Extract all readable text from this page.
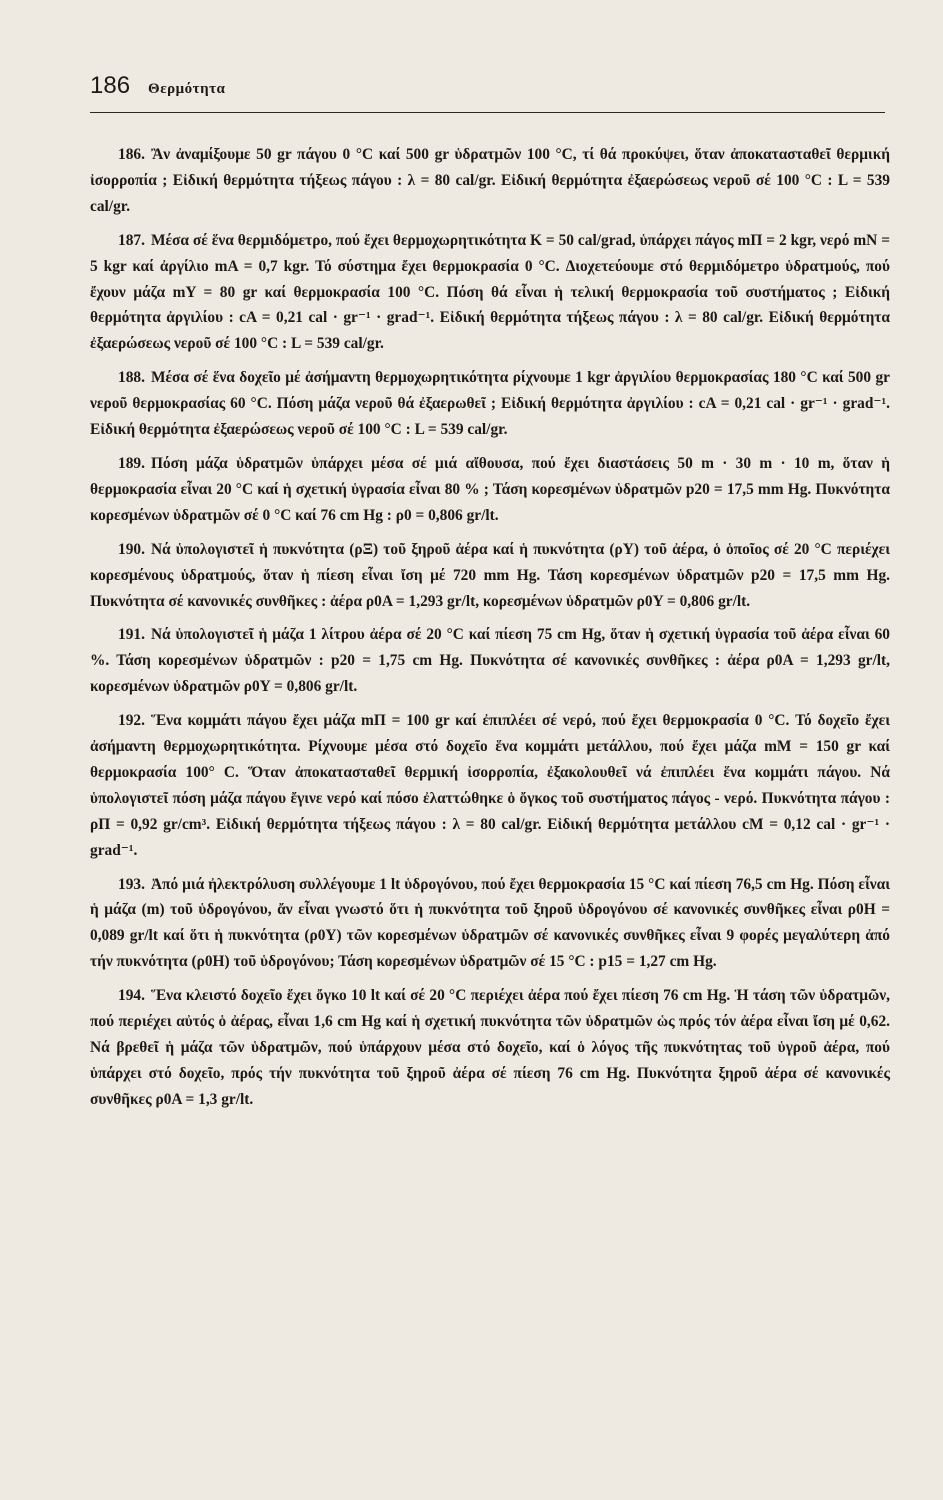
186 Θερμότητα

186. Ἂν ἀναμίξουμε 50 gr πάγου 0 °C καί 500 gr ὑδρατμῶν 100 °C, τί θά προκύψει, ὅταν ἀποκατασταθεῖ θερμική ἰσορροπία ; Εἰδική θερμότητα τήξεως πάγου : λ = 80 cal/gr. Εἰδική θερμότητα ἐξαερώσεως νεροῦ σέ 100 °C : L = 539 cal/gr.

187. Μέσα σέ ἕνα θερμιδόμετρο, πού ἔχει θερμοχωρητικότητα K = 50 cal/grad, ὑπάρχει πάγος mΠ = 2 kgr, νερό mN = 5 kgr καί ἀργίλιο mA = 0,7 kgr. Τό σύστημα ἔχει θερμοκρασία 0 °C. Διοχετεύουμε στό θερμιδόμετρο ὑδρατμούς, πού ἔχουν μάζα mY = 80 gr καί θερμοκρασία 100 °C. Πόση θά εἶναι ἡ τελική θερμοκρασία τοῦ συστήματος ; Εἰδική θερμότητα ἀργιλίου : cA = 0,21 cal · gr⁻¹ · grad⁻¹. Εἰδική θερμότητα τήξεως πάγου : λ = 80 cal/gr. Εἰδική θερμότητα ἐξαερώσεως νεροῦ σέ 100 °C : L = 539 cal/gr.

188. Μέσα σέ ἕνα δοχεῖο μέ ἀσήμαντη θερμοχωρητικότητα ρίχνουμε 1 kgr ἀργιλίου θερμοκρασίας 180 °C καί 500 gr νεροῦ θερμοκρασίας 60 °C. Πόση μάζα νεροῦ θά ἐξαερωθεῖ ; Εἰδική θερμότητα ἀργιλίου : cA = 0,21 cal · gr⁻¹ · grad⁻¹. Εἰδική θερμότητα ἐξαερώσεως νεροῦ σέ 100 °C : L = 539 cal/gr.

189. Πόση μάζα ὑδρατμῶν ὑπάρχει μέσα σέ μιά αἴθουσα, πού ἔχει διαστάσεις 50 m · 30 m · 10 m, ὅταν ἡ θερμοκρασία εἶναι 20 °C καί ἡ σχετική ὑγρασία εἶναι 80 % ; Τάση κορεσμένων ὑδρατμῶν p20 = 17,5 mm Hg. Πυκνότητα κορεσμένων ὑδρατμῶν σέ 0 °C καί 76 cm Hg : ρ0 = 0,806 gr/lt.

190. Νά ὑπολογιστεῖ ἡ πυκνότητα (ρΞ) τοῦ ξηροῦ ἀέρα καί ἡ πυκνότητα (ρY) τοῦ ἀέρα, ὁ ὁποῖος σέ 20 °C περιέχει κορεσμένους ὑδρατμούς, ὅταν ἡ πίεση εἶναι ἴση μέ 720 mm Hg. Τάση κορεσμένων ὑδρατμῶν p20 = 17,5 mm Hg. Πυκνότητα σέ κανονικές συνθῆκες : ἀέρα ρ0A = 1,293 gr/lt, κορεσμένων ὑδρατμῶν ρ0Y = 0,806 gr/lt.

191. Νά ὑπολογιστεῖ ἡ μάζα 1 λίτρου ἀέρα σέ 20 °C καί πίεση 75 cm Hg, ὅταν ἡ σχετική ὑγρασία τοῦ ἀέρα εἶναι 60 %. Τάση κορεσμένων ὑδρατμῶν : p20 = 1,75 cm Hg. Πυκνότητα σέ κανονικές συνθῆκες : ἀέρα ρ0A = 1,293 gr/lt, κορεσμένων ὑδρατμῶν ρ0Y = 0,806 gr/lt.

192. Ἕνα κομμάτι πάγου ἔχει μάζα mΠ = 100 gr καί ἐπιπλέει σέ νερό, πού ἔχει θερμοκρασία 0 °C. Τό δοχεῖο ἔχει ἀσήμαντη θερμοχωρητικότητα. Ρίχνουμε μέσα στό δοχεῖο ἕνα κομμάτι μετάλλου, πού ἔχει μάζα mM = 150 gr καί θερμοκρασία 100° C. Ὅταν ἀποκατασταθεῖ θερμική ἰσορροπία, ἐξακολουθεῖ νά ἐπιπλέει ἕνα κομμάτι πάγου. Νά ὑπολογιστεῖ πόση μάζα πάγου ἔγινε νερό καί πόσο ἐλαττώθηκε ὁ ὄγκος τοῦ συστήματος πάγος - νερό. Πυκνότητα πάγου : ρΠ = 0,92 gr/cm³. Εἰδική θερμότητα τήξεως πάγου : λ = 80 cal/gr. Εἰδική θερμότητα μετάλλου cM = 0,12 cal · gr⁻¹ · grad⁻¹.

193. Ἀπό μιά ἠλεκτρόλυση συλλέγουμε 1 lt ὑδρογόνου, πού ἔχει θερμοκρασία 15 °C καί πίεση 76,5 cm Hg. Πόση εἶναι ἡ μάζα (m) τοῦ ὑδρογόνου, ἄν εἶναι γνωστό ὅτι ἡ πυκνότητα τοῦ ξηροῦ ὑδρογόνου σέ κανονικές συνθῆκες εἶναι ρ0H = 0,089 gr/lt καί ὅτι ἡ πυκνότητα (ρ0Y) τῶν κορεσμένων ὑδρατμῶν σέ κανονικές συνθῆκες εἶναι 9 φορές μεγαλύτερη ἀπό τήν πυκνότητα (ρ0H) τοῦ ὑδρογόνου; Τάση κορεσμένων ὑδρατμῶν σέ 15 °C : p15 = 1,27 cm Hg.

194. Ἕνα κλειστό δοχεῖο ἔχει ὄγκο 10 lt καί σέ 20 °C περιέχει ἀέρα πού ἔχει πίεση 76 cm Hg. Ἡ τάση τῶν ὑδρατμῶν, πού περιέχει αὐτός ὁ ἀέρας, εἶναι 1,6 cm Hg καί ἡ σχετική πυκνότητα τῶν ὑδρατμῶν ὡς πρός τόν ἀέρα εἶναι ἴση μέ 0,62. Νά βρεθεῖ ἡ μάζα τῶν ὑδρατμῶν, πού ὑπάρχουν μέσα στό δοχεῖο, καί ὁ λόγος τῆς πυκνότητας τοῦ ὑγροῦ ἀέρα, πού ὑπάρχει στό δοχεῖο, πρός τήν πυκνότητα τοῦ ξηροῦ ἀέρα σέ πίεση 76 cm Hg. Πυκνότητα ξηροῦ ἀέρα σέ κανονικές συνθῆκες ρ0A = 1,3 gr/lt.
